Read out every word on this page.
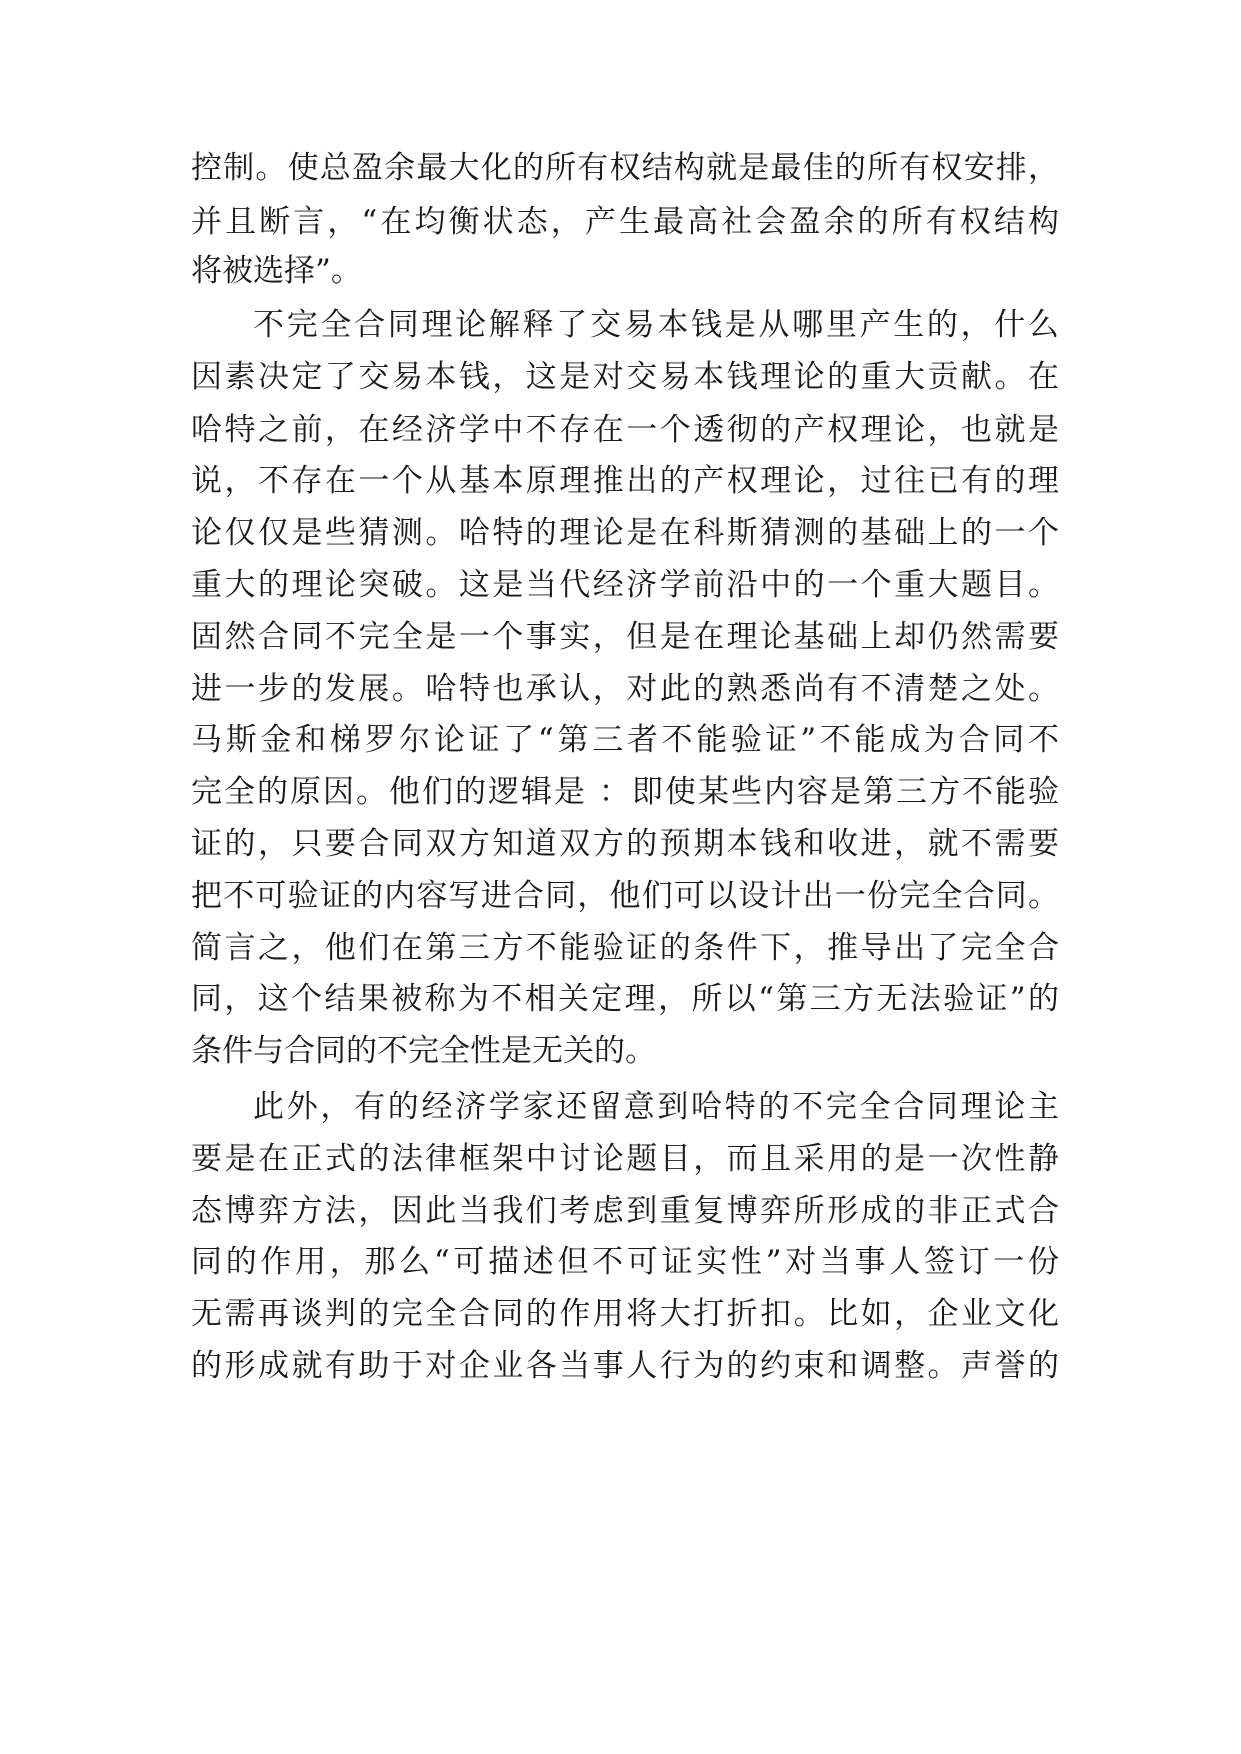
控制。使总盈余最大化的所有权结构就是最佳的所有权安排，
并且断言，“在均衡状态，产生最高社会盈余的所有权结构
将被选择”。
不完全合同理论解释了交易本钱是从哪里产生的，什么
因素决定了交易本钱，这是对交易本钱理论的重大贡献。在
哈特之前，在经济学中不存在一个透彻的产权理论，也就是
说，不存在一个从基本原理推出的产权理论，过往已有的理
论仅仅是些猜测。哈特的理论是在科斯猜测的基础上的一个
重大的理论突破。这是当代经济学前沿中的一个重大题目。
固然合同不完全是一个事实，但是在理论基础上却仍然需要
进一步的发展。哈特也承认，对此的熟悉尚有不清楚之处。
马斯金和梯罗尔论证了“第三者不能验证”不能成为合同不
完全的原因。他们的逻辑是 ：即使某些内容是第三方不能验
证的，只要合同双方知道双方的预期本钱和收进，就不需要
把不可验证的内容写进合同，他们可以设计出一份完全合同。
简言之，他们在第三方不能验证的条件下，推导出了完全合
同，这个结果被称为不相关定理，所以“第三方无法验证”的
条件与合同的不完全性是无关的。
此外，有的经济学家还留意到哈特的不完全合同理论主
要是在正式的法律框架中讨论题目，而且采用的是一次性静
态博弈方法，因此当我们考虑到重复博弈所形成的非正式合
同的作用，那么“可描述但不可证实性”对当事人签订一份
无需再谈判的完全合同的作用将大打折扣。比如，企业文化
的形成就有助于对企业各当事人行为的约束和调整。声誉的
